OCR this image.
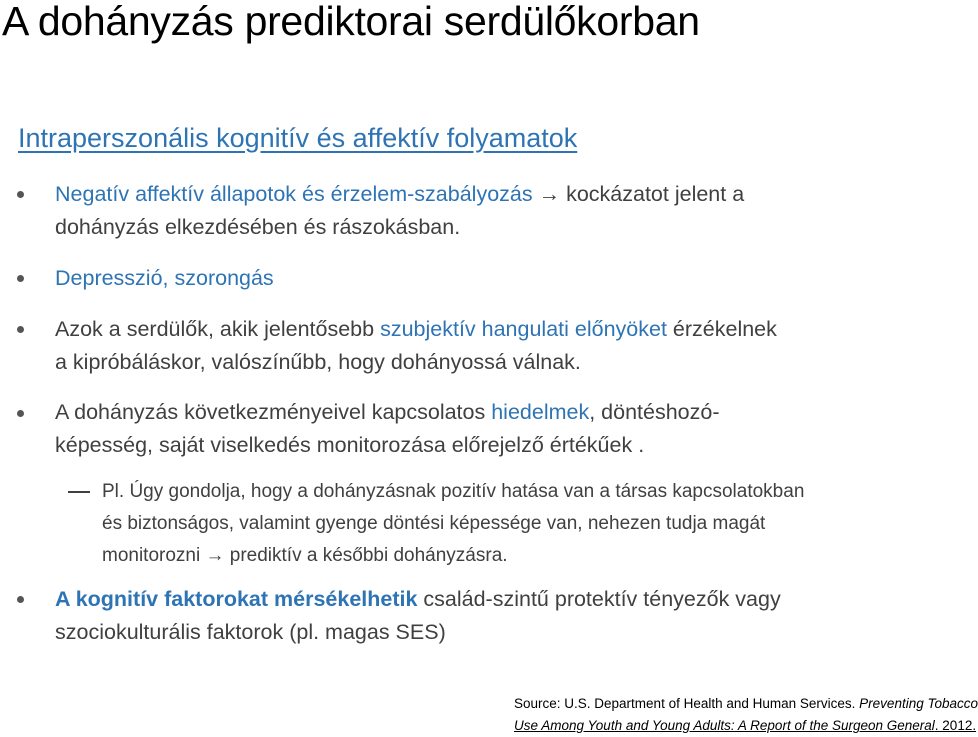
A dohányzás prediktorai serdülőkorban
Intraperszonális kognitív és affektív folyamatok
Negatív affektív állapotok és érzelem-szabályozás → kockázatot jelent a
dohányzás elkezdésében és rászokásban.
Depresszió, szorongás
Azok a serdülők, akik jelentősebb szubjektív hangulati előnyöket érzékelnek
a kipróbáláskor, valószínűbb, hogy dohányossá válnak.
A dohányzás következményeivel kapcsolatos hiedelmek, döntéshozó-
képesség, saját viselkedés monitorozása előrejelző értékűek .
Pl. Úgy gondolja, hogy a dohányzásnak pozitív hatása van a társas kapcsolatokban
és biztonságos, valamint gyenge döntési képessége van, nehezen tudja magát
monitorozni → prediktív a későbbi dohányzásra.
A kognitív faktorokat mérsékelhetik család-szintű protektív tényezők vagy
szociokulturális faktorok (pl. magas SES)
Source: U.S. Department of Health and Human Services. Preventing Tobacco
Use Among Youth and Young Adults: A Report of the Surgeon General. 2012.
